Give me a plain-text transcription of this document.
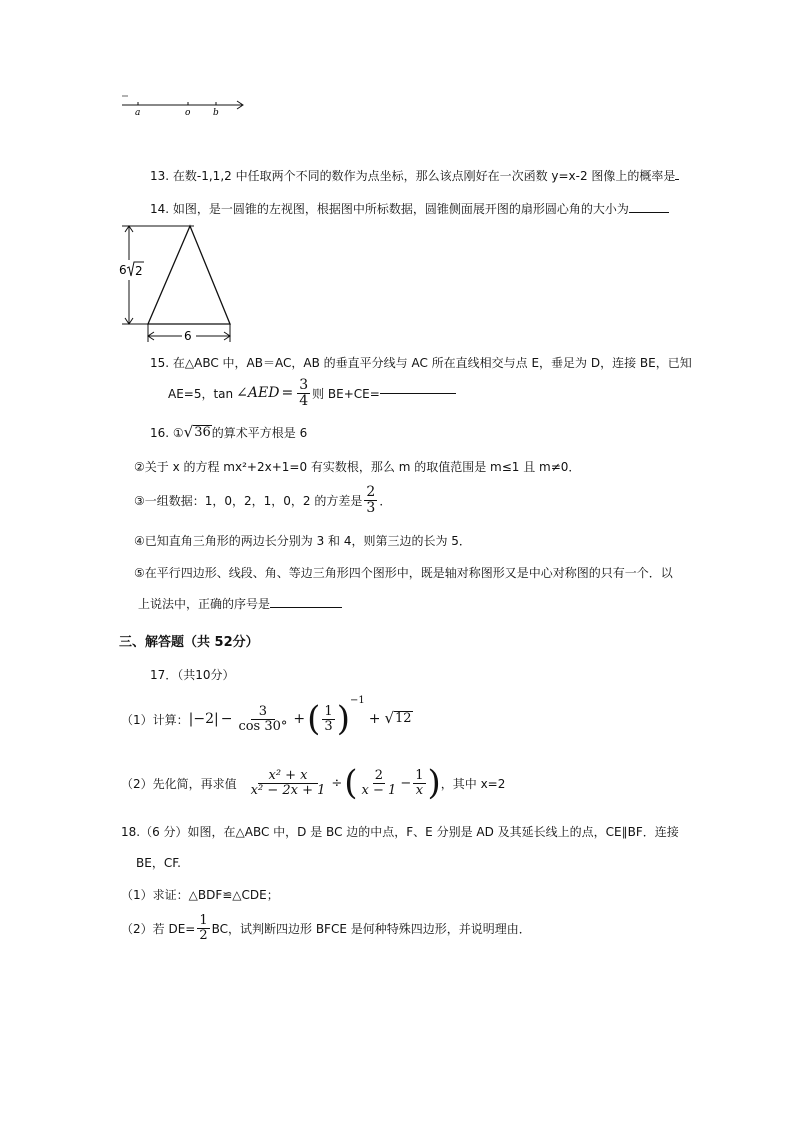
a	o	b
13. 在数-1,1,2 中任取两个不同的数作为点坐标，那么该点刚好在一次函数 y=x-2 图像上的概率是
14. 如图，是一圆锥的左视图，根据图中所标数据，圆锥侧面展开图的扇形圆心角的大小为
6
6 2
15. 在△ABC 中，AB＝AC，AB 的垂直平分线与 AC 所在直线相交与点 E，垂足为 D，连接 BE，已知
AE=5，tan ∠AED = $\frac{3}{4}$ 则 BE+CE=
16. ① √ 36 的算术平方根是 6
②关于 x 的方程 mx²+2x+1=0 有实数根，那么 m 的取值范围是 m≤1 且 m≠0．
③一组数据：1，0，2，1，0，2 的方差是 $\frac{2}{3}$ ．
④已知直角三角形的两边长分别为 3 和 4，则第三边的长为 5．
⑤在平行四边形、线段、角、等边三角形四个图形中，既是轴对称图形又是中心对称图的只有一个．以
上说法中，正确的序号是
三、解答题（共 52分）
17．（共10分）
（1）计算： $|-2| - \frac{3}{\cos 30^\circ}$ + ( $\frac{1}{3}$ ) −1
+ √ 12
（2）先化简，再求值 $\frac{\text{x² + x}}{\text{x² − 2x + 1}}$ ÷ ( $\frac{2}{x - 1} - \frac{1}{x}$ ) ，其中 x=2
18.（6 分）如图，在△ABC 中，D 是 BC 边的中点，F、E 分别是 AD 及其延长线上的点，CE∥BF．连接
BE，CF.
（1）求证：△BDF≌△CDE；
（2）若 $DE= \frac{1}{2}$ BC，试判断四边形 BFCE 是何种特殊四边形，并说明理由．
